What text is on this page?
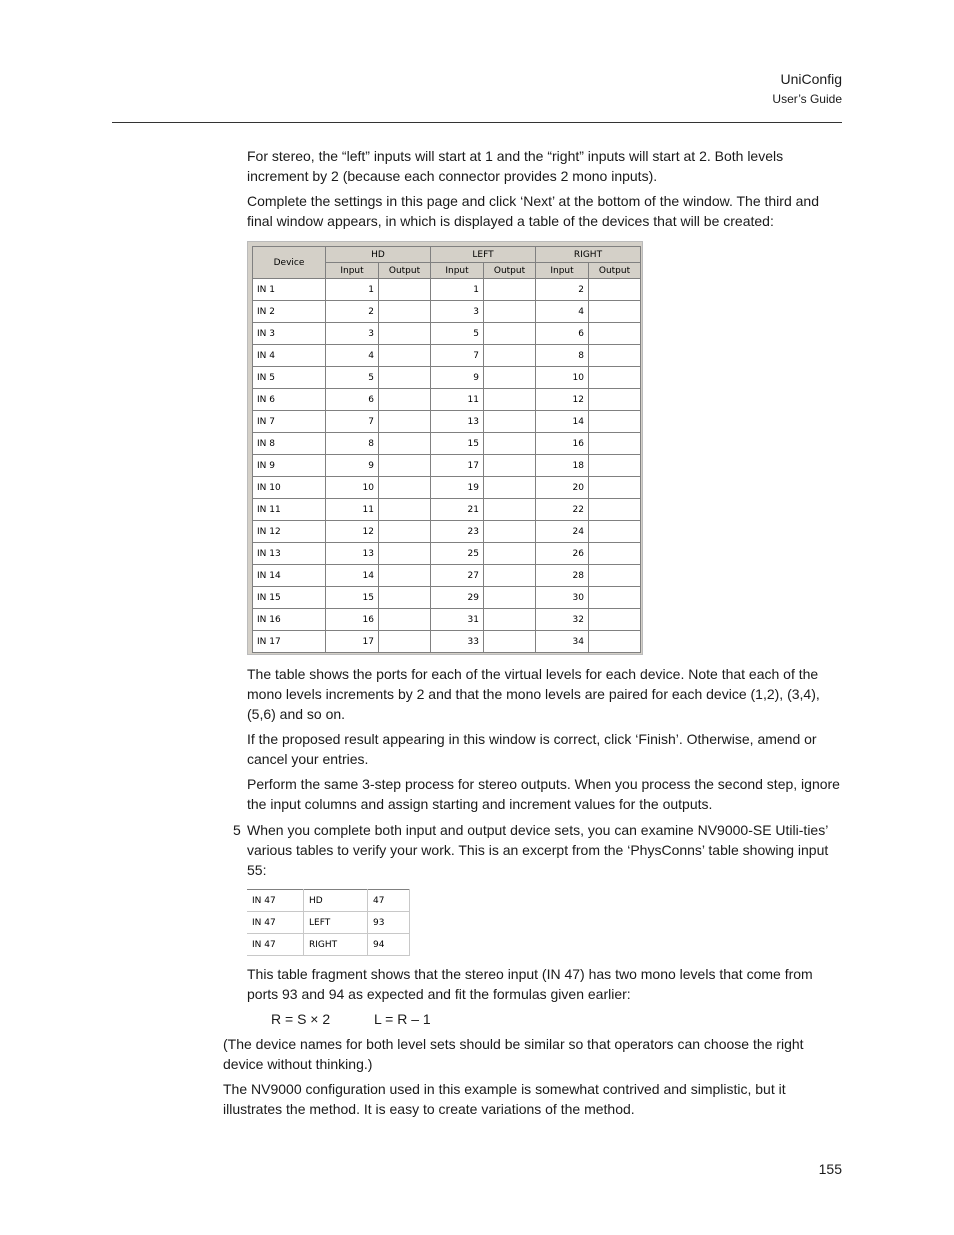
UniConfig
User’s Guide
For stereo, the “left” inputs will start at 1 and the “right” inputs will start at 2. Both levels increment by 2 (because each connector provides 2 mono inputs).
Complete the settings in this page and click ‘Next’ at the bottom of the window. The third and final window appears, in which is displayed a table of the devices that will be created:
Device	HD		LEFT		RIGHT	
	Input	Output	Input	Output	Input	Output
IN 1	1		1		2	
IN 2	2		3		4	
IN 3	3		5		6	
IN 4	4		7		8	
IN 5	5		9		10	
IN 6	6		11		12	
IN 7	7		13		14	
IN 8	8		15		16	
IN 9	9		17		18	
IN 10	10		19		20	
IN 11	11		21		22	
IN 12	12		23		24	
IN 13	13		25		26	
IN 14	14		27		28	
IN 15	15		29		30	
IN 16	16		31		32	
IN 17	17		33		34	
The table shows the ports for each of the virtual levels for each device. Note that each of the mono levels increments by 2 and that the mono levels are paired for each device (1,2), (3,4), (5,6) and so on.
If the proposed result appearing in this window is correct, click ‘Finish’. Otherwise, amend or cancel your entries.
Perform the same 3-step process for stereo outputs. When you process the second step, ignore the input columns and assign starting and increment values for the outputs.
5 When you complete both input and output device sets, you can examine NV9000-SE Utili-ties’ various tables to verify your work. This is an excerpt from the ‘PhysConns’ table showing input 55:
IN 47	HD	47
IN 47	LEFT	93
IN 47	RIGHT	94
This table fragment shows that the stereo input (IN 47) has two mono levels that come from ports 93 and 94 as expected and fit the formulas given earlier:
R = S × 2	L = R – 1
(The device names for both level sets should be similar so that operators can choose the right device without thinking.)
The NV9000 configuration used in this example is somewhat contrived and simplistic, but it illustrates the method. It is easy to create variations of the method.
155
